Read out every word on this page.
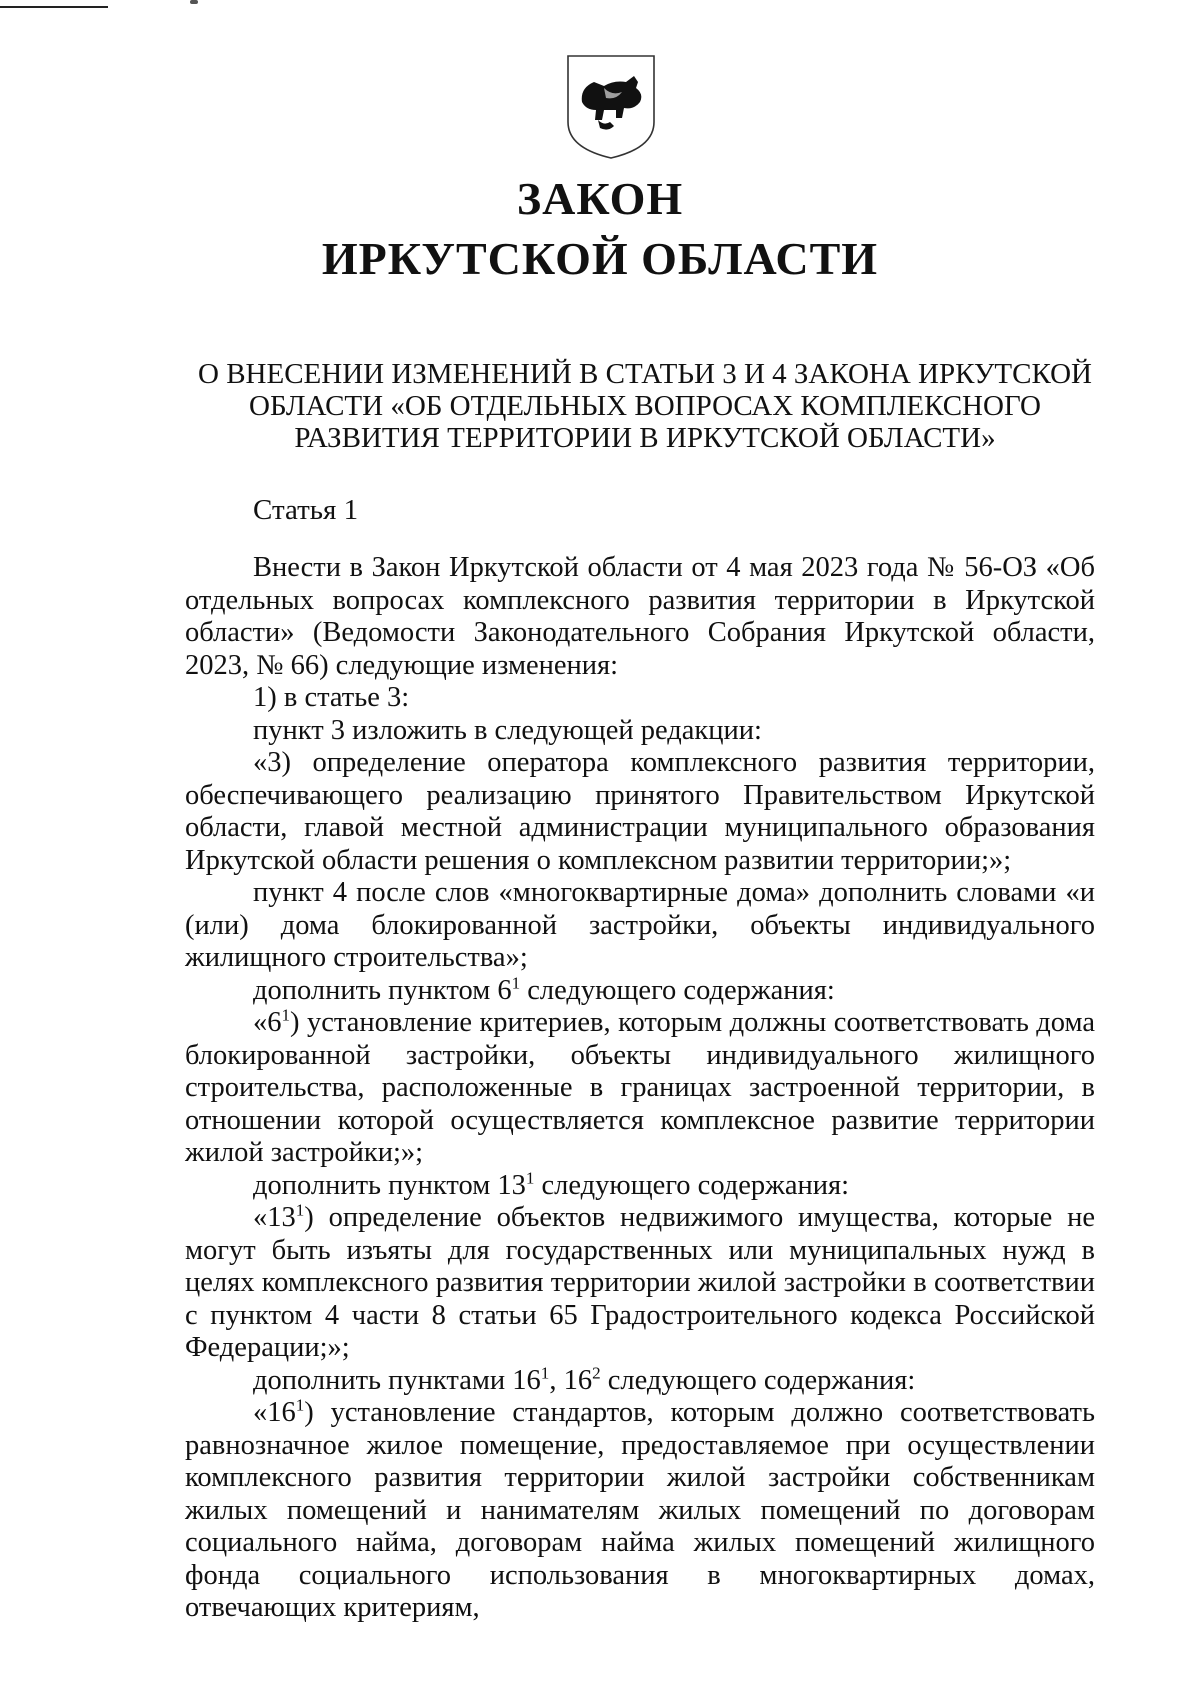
ЗАКОН
ИРКУТСКОЙ ОБЛАСТИ
О ВНЕСЕНИИ ИЗМЕНЕНИЙ В СТАТЬИ 3 И 4 ЗАКОНА ИРКУТСКОЙ
ОБЛАСТИ «ОБ ОТДЕЛЬНЫХ ВОПРОСАХ КОМПЛЕКСНОГО
РАЗВИТИЯ ТЕРРИТОРИИ В ИРКУТСКОЙ ОБЛАСТИ»
Статья 1

Внести в Закон Иркутской области от 4 мая 2023 года № 56-ОЗ «Об отдельных вопросах комплексного развития территории в Иркутской области» (Ведомости Законодательного Собрания Иркутской области, 2023, № 66) следующие изменения:

1) в статье 3:

пункт 3 изложить в следующей редакции:

«3) определение оператора комплексного развития территории, обеспечивающего реализацию принятого Правительством Иркутской области, главой местной администрации муниципального образования Иркутской области решения о комплексном развитии территории;»;

пункт 4 после слов «многоквартирные дома» дополнить словами «и (или) дома блокированной застройки, объекты индивидуального жилищного строительства»;

дополнить пунктом $6^1$ следующего содержания:

«$6^1$) установление критериев, которым должны соответствовать дома блокированной застройки, объекты индивидуального жилищного строительства, расположенные в границах застроенной территории, в отношении которой осуществляется комплексное развитие территории жилой застройки;»;

дополнить пунктом $13^1$ следующего содержания:

«$13^1$) определение объектов недвижимого имущества, которые не могут быть изъяты для государственных или муниципальных нужд в целях комплексного развития территории жилой застройки в соответствии с пунктом 4 части 8 статьи 65 Градостроительного кодекса Российской Федерации;»;

дополнить пунктами $16^1$, $16^2$ следующего содержания:

«$16^1$) установление стандартов, которым должно соответствовать равнозначное жилое помещение, предоставляемое при осуществлении комплексного развития территории жилой застройки собственникам жилых помещений и нанимателям жилых помещений по договорам социального найма, договорам найма жилых помещений жилищного фонда социального использования в многоквартирных домах, отвечающих критериям,
